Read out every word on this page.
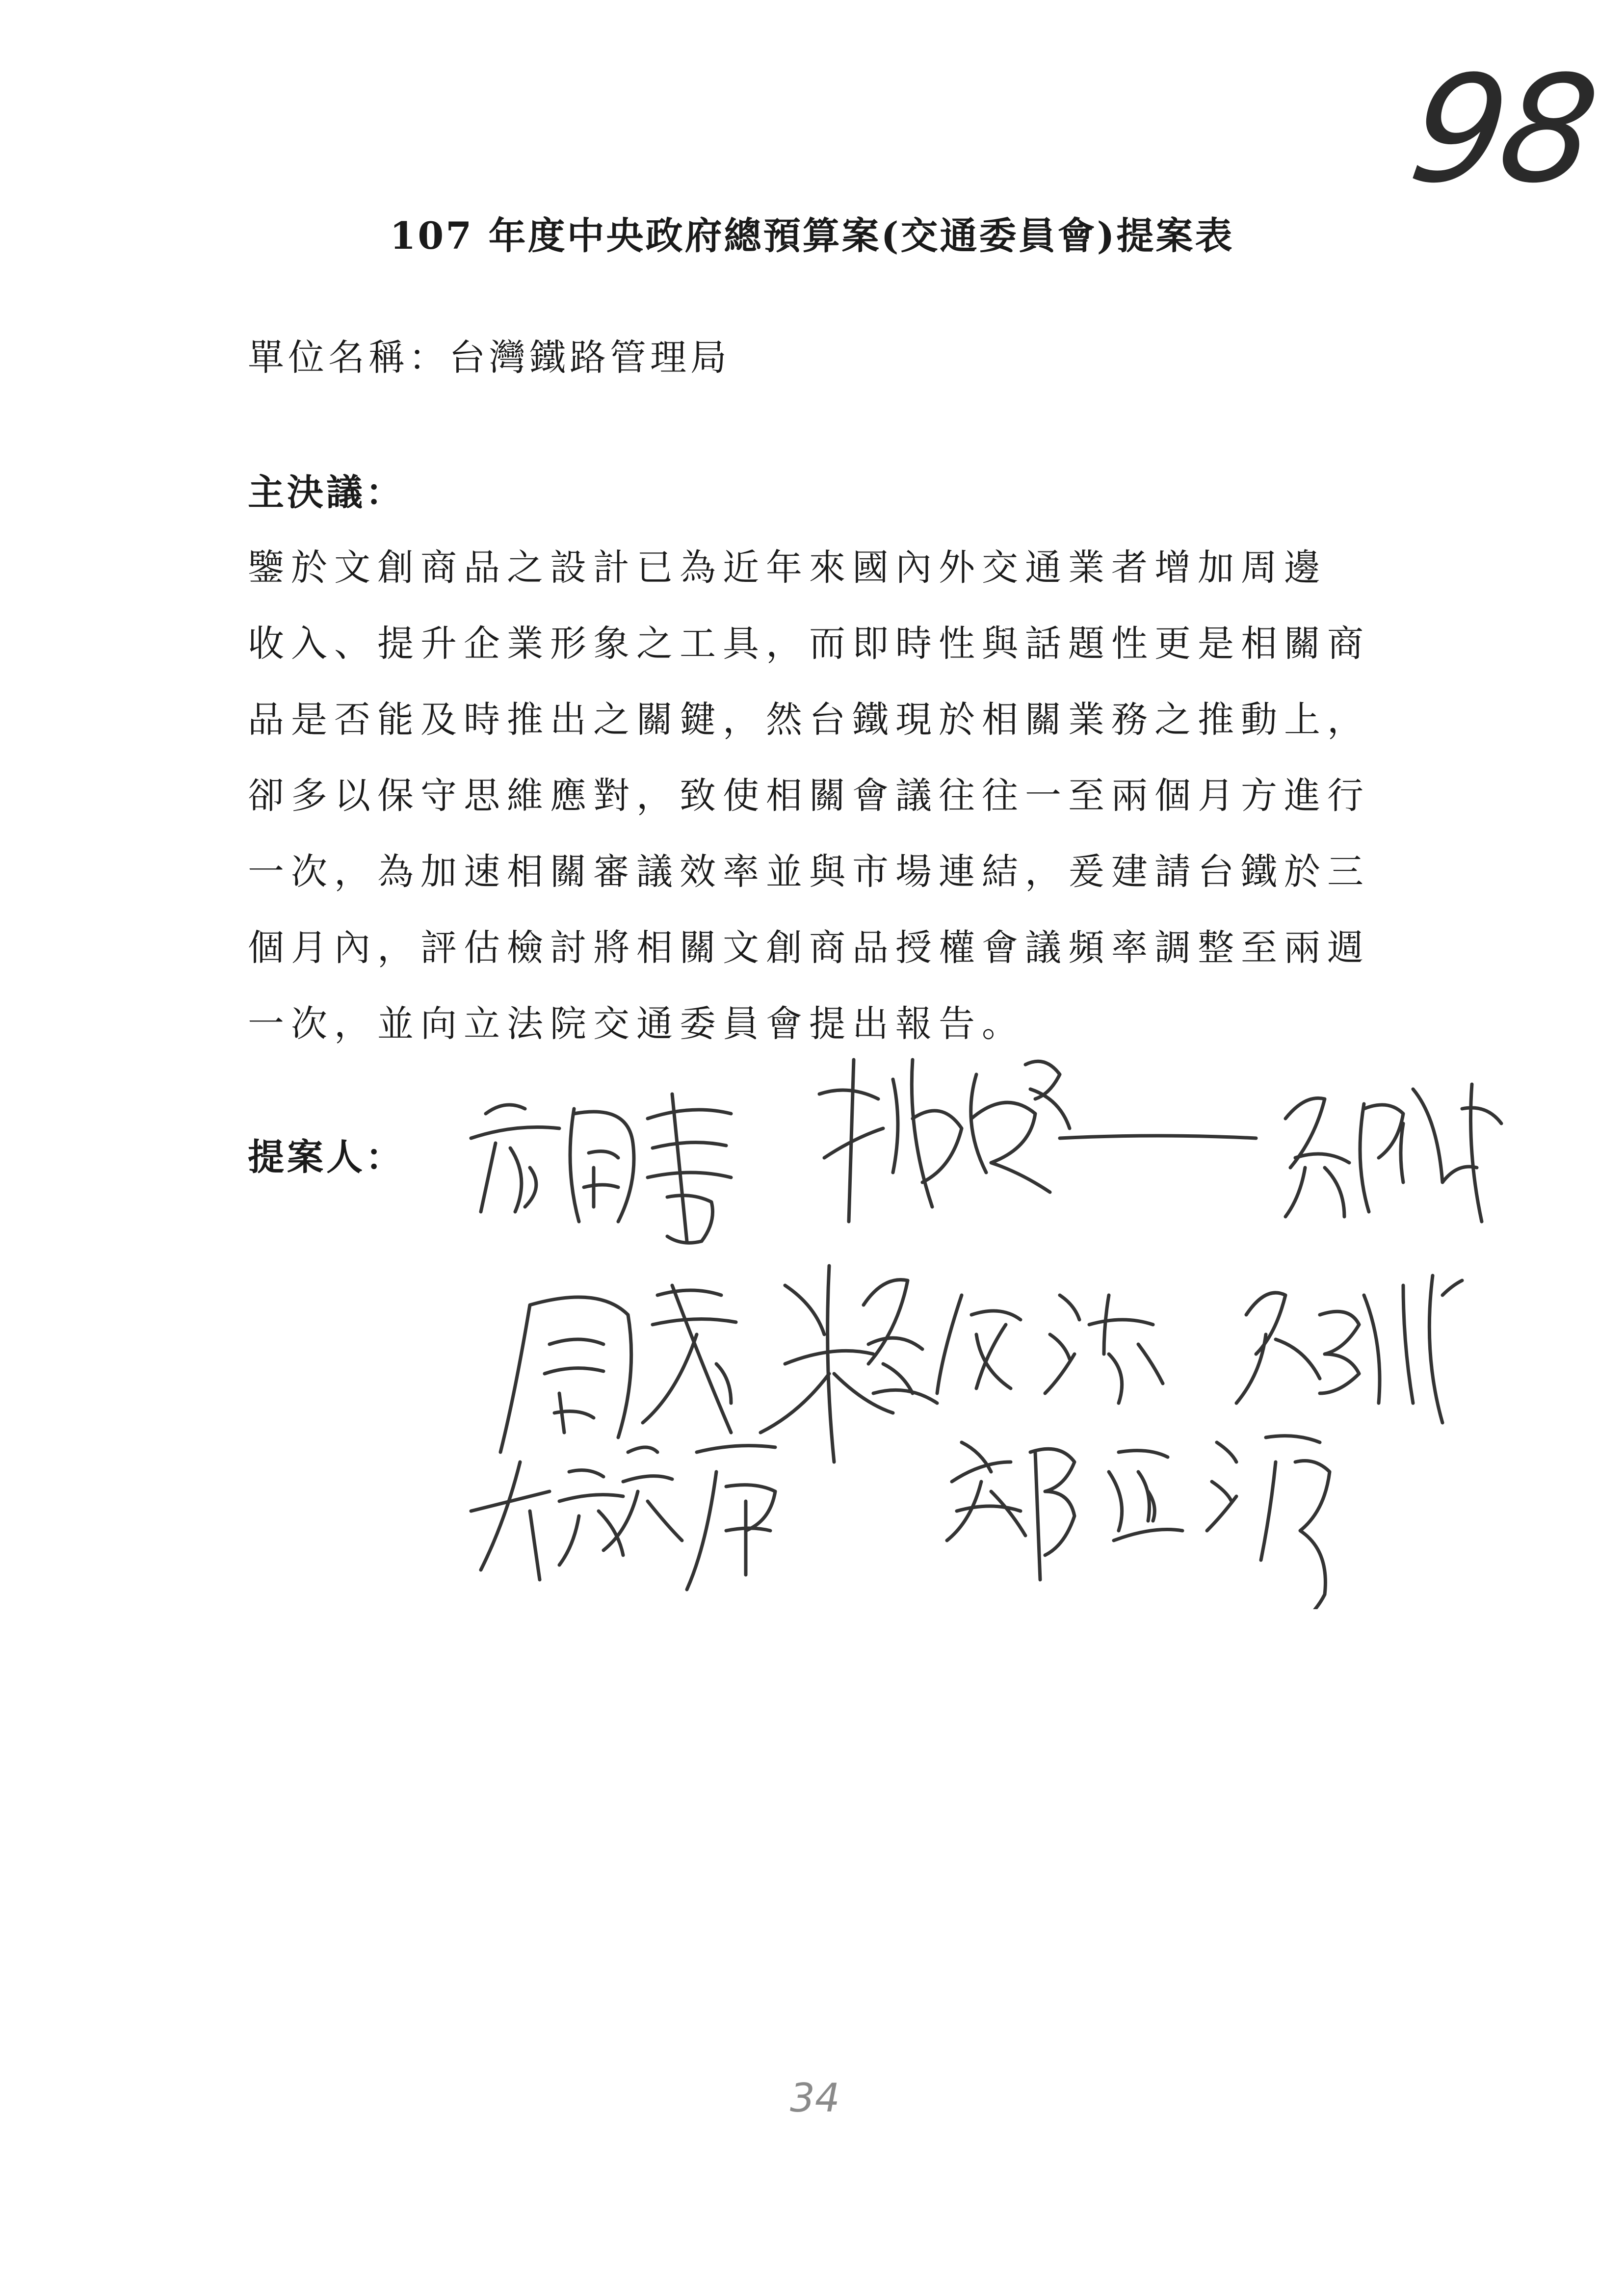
98
107 年度中央政府總預算案(交通委員會)提案表
單位名稱：台灣鐵路管理局
主決議：
鑒於文創商品之設計已為近年來國內外交通業者增加周邊
收入、提升企業形象之工具，而即時性與話題性更是相關商
品是否能及時推出之關鍵，然台鐵現於相關業務之推動上，
卻多以保守思維應對，致使相關會議往往一至兩個月方進行
一次，為加速相關審議效率並與市場連結，爰建請台鐵於三
個月內，評估檢討將相關文創商品授權會議頻率調整至兩週
一次，並向立法院交通委員會提出報告。
提案人：
34
